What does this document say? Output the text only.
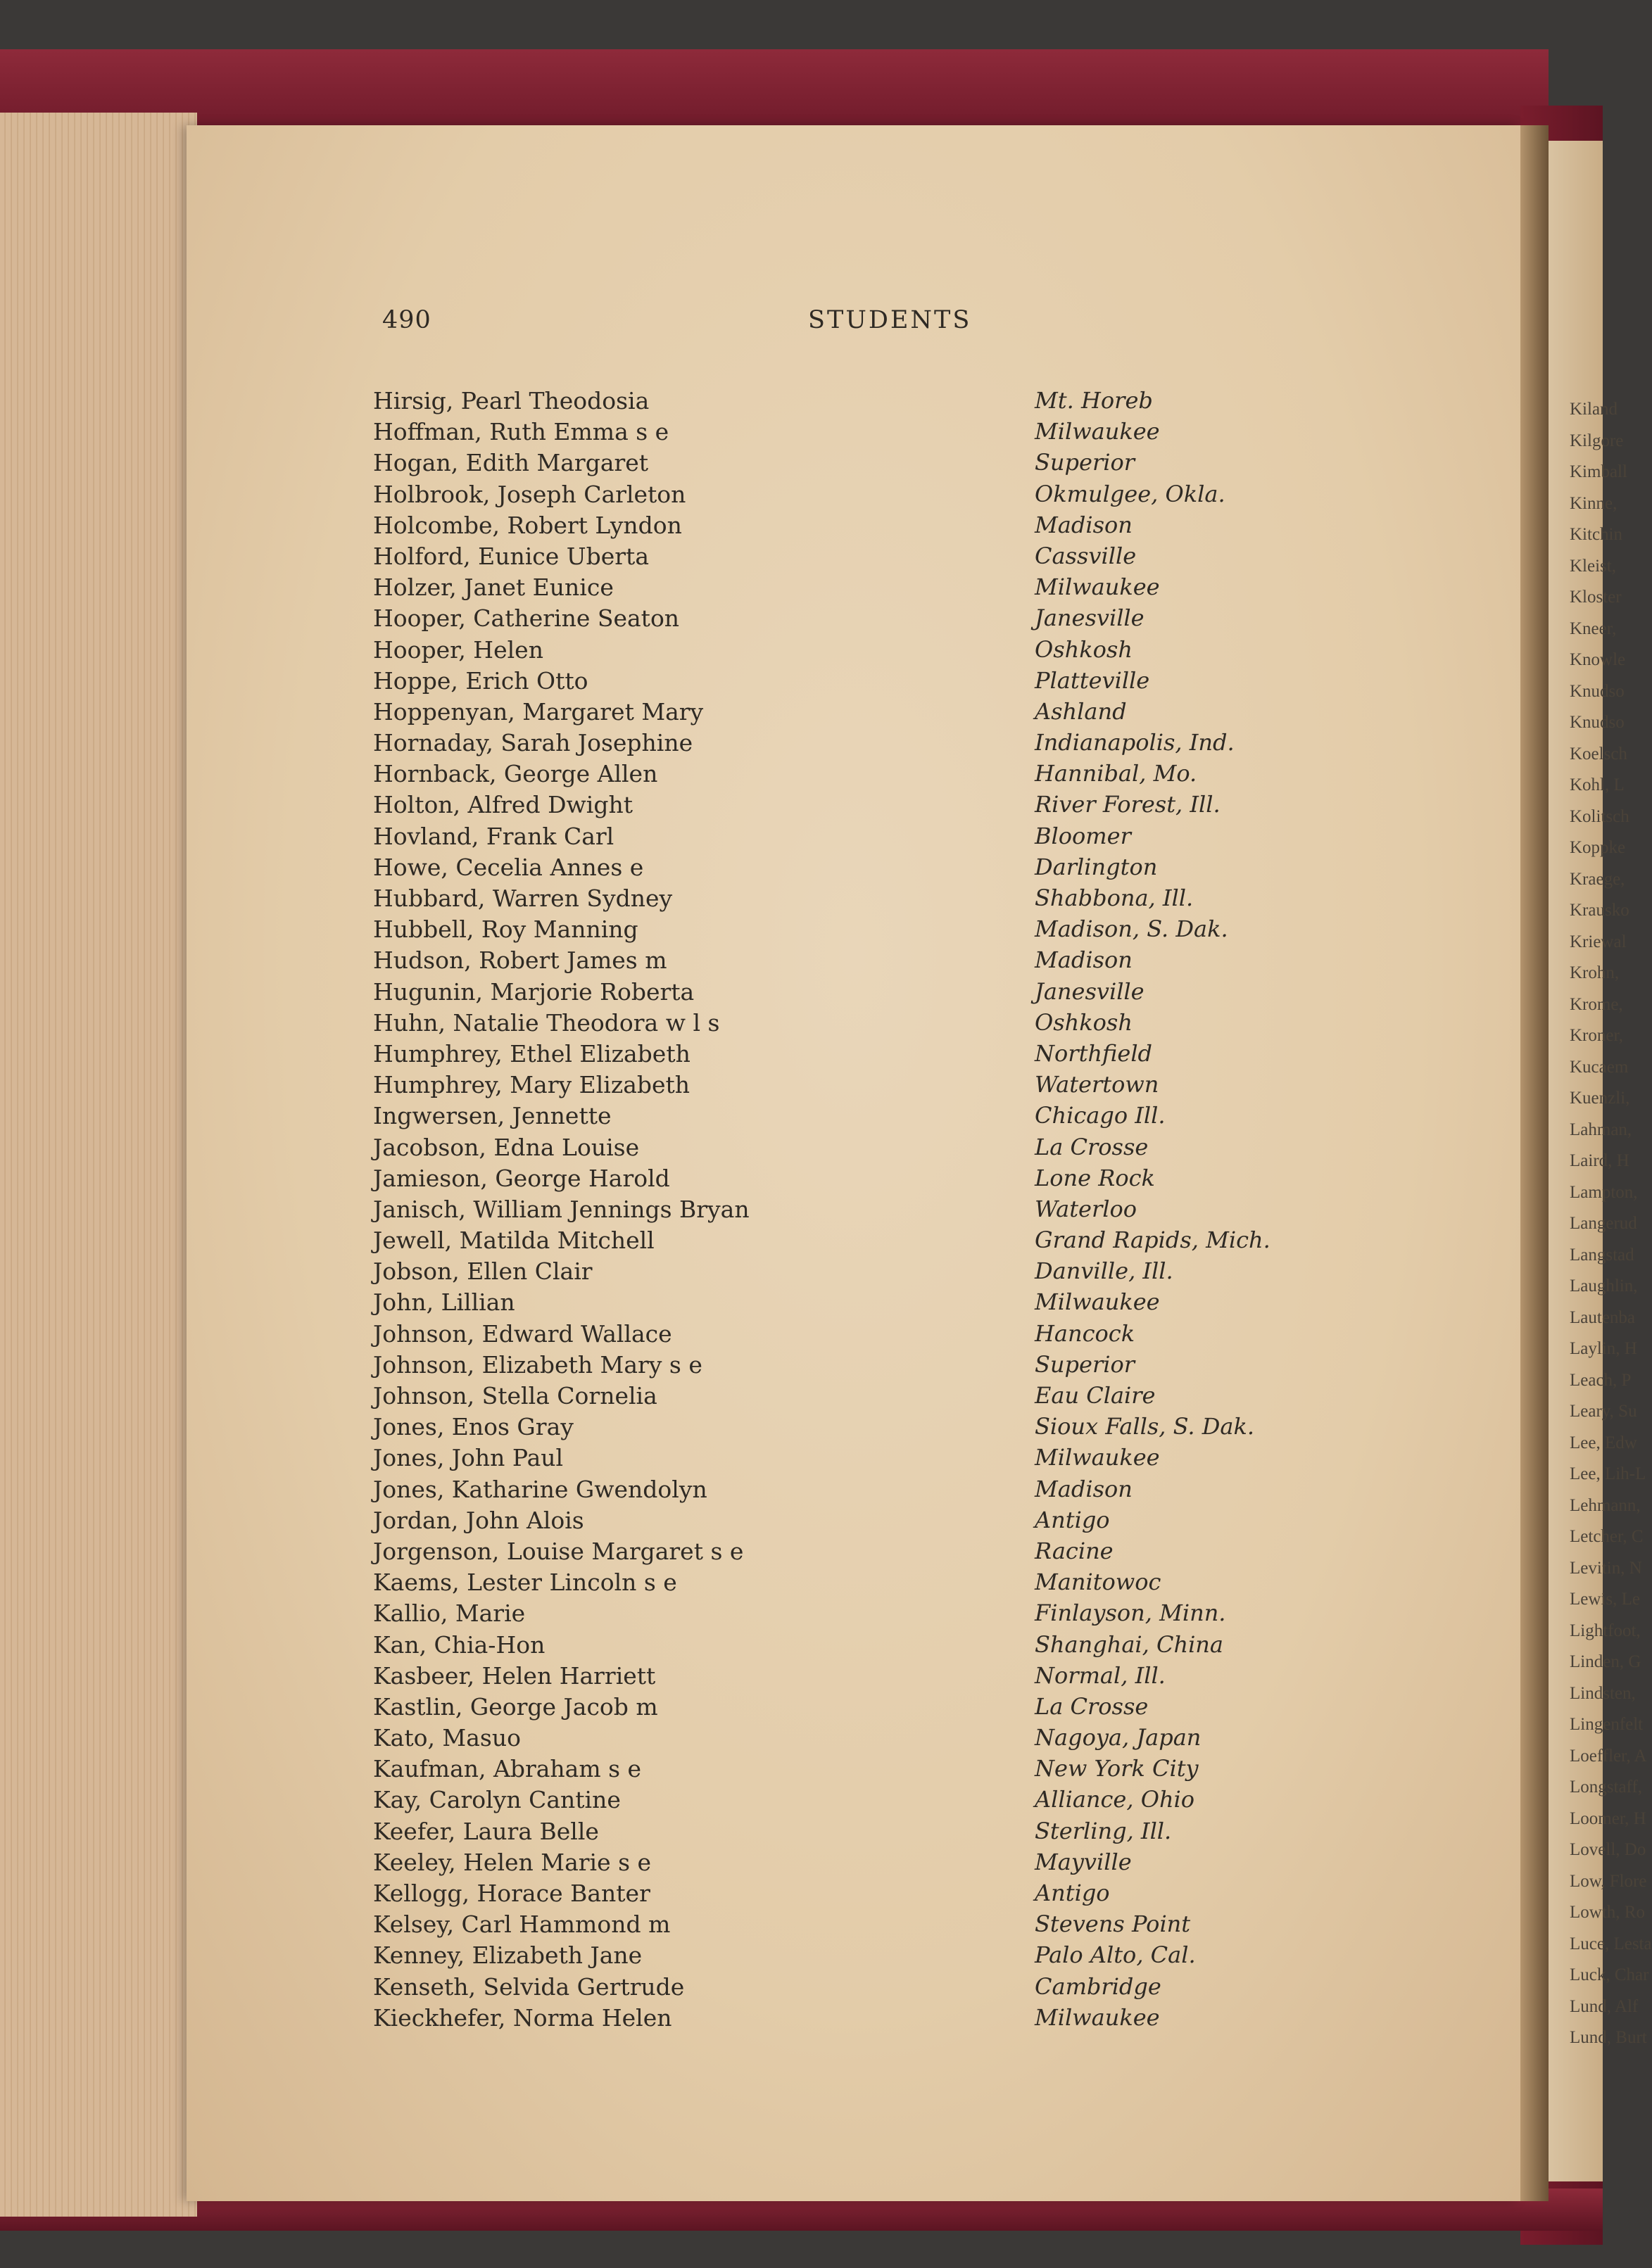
Kiland
Kilgore
Kimball
Kinne,
Kitchin
Kleist,
Kloster
Kneer,
Knowle
Knudso
Knudso
Koelsch
Kohl, L
Kolitsch
Koppke
Kraege,
Krausko
Kriewal
Krohn,
Krome,
Kroner,
Kucaem
Kuenzli,
Lahman,
Laird, H
Lampton,
Langerud
Langstad
Laughlin,
Lautenba
Laylin, H
Leach, P
Leary, Su
Lee, Edw
Lee, Lih-L
Lehmann,
Letcher, C
Levitin, N
Lewis, Le
Lightfoot,
Linden, G
Lindsten,
Lingenfelt
Loeffler, A
Longstaff,
Loomer, H
Lovell, Do
Low, Flore
Lowth, Ro
Luce, Lesta
Luck, Char
Lund, Alf
Lund, Burt
490	STUDENTS
Hirsig, Pearl Theodosia	Mt. Horeb
Hoffman, Ruth Emma s e	Milwaukee
Hogan, Edith Margaret	Superior
Holbrook, Joseph Carleton	Okmulgee, Okla.
Holcombe, Robert Lyndon	Madison
Holford, Eunice Uberta	Cassville
Holzer, Janet Eunice	Milwaukee
Hooper, Catherine Seaton	Janesville
Hooper, Helen	Oshkosh
Hoppe, Erich Otto	Platteville
Hoppenyan, Margaret Mary	Ashland
Hornaday, Sarah Josephine	Indianapolis, Ind.
Hornback, George Allen	Hannibal, Mo.
Holton, Alfred Dwight	River Forest, Ill.
Hovland, Frank Carl	Bloomer
Howe, Cecelia Annes e	Darlington
Hubbard, Warren Sydney	Shabbona, Ill.
Hubbell, Roy Manning	Madison, S. Dak.
Hudson, Robert James m	Madison
Hugunin, Marjorie Roberta	Janesville
Huhn, Natalie Theodora w l s	Oshkosh
Humphrey, Ethel Elizabeth	Northfield
Humphrey, Mary Elizabeth	Watertown
Ingwersen, Jennette	Chicago Ill.
Jacobson, Edna Louise	La Crosse
Jamieson, George Harold	Lone Rock
Janisch, William Jennings Bryan	Waterloo
Jewell, Matilda Mitchell	Grand Rapids, Mich.
Jobson, Ellen Clair	Danville, Ill.
John, Lillian	Milwaukee
Johnson, Edward Wallace	Hancock
Johnson, Elizabeth Mary s e	Superior
Johnson, Stella Cornelia	Eau Claire
Jones, Enos Gray	Sioux Falls, S. Dak.
Jones, John Paul	Milwaukee
Jones, Katharine Gwendolyn	Madison
Jordan, John Alois	Antigo
Jorgenson, Louise Margaret s e	Racine
Kaems, Lester Lincoln s e	Manitowoc
Kallio, Marie	Finlayson, Minn.
Kan, Chia-Hon	Shanghai, China
Kasbeer, Helen Harriett	Normal, Ill.
Kastlin, George Jacob m	La Crosse
Kato, Masuo	Nagoya, Japan
Kaufman, Abraham s e	New York City
Kay, Carolyn Cantine	Alliance, Ohio
Keefer, Laura Belle	Sterling, Ill.
Keeley, Helen Marie s e	Mayville
Kellogg, Horace Banter	Antigo
Kelsey, Carl Hammond m	Stevens Point
Kenney, Elizabeth Jane	Palo Alto, Cal.
Kenseth, Selvida Gertrude	Cambridge
Kieckhefer, Norma Helen	Milwaukee
